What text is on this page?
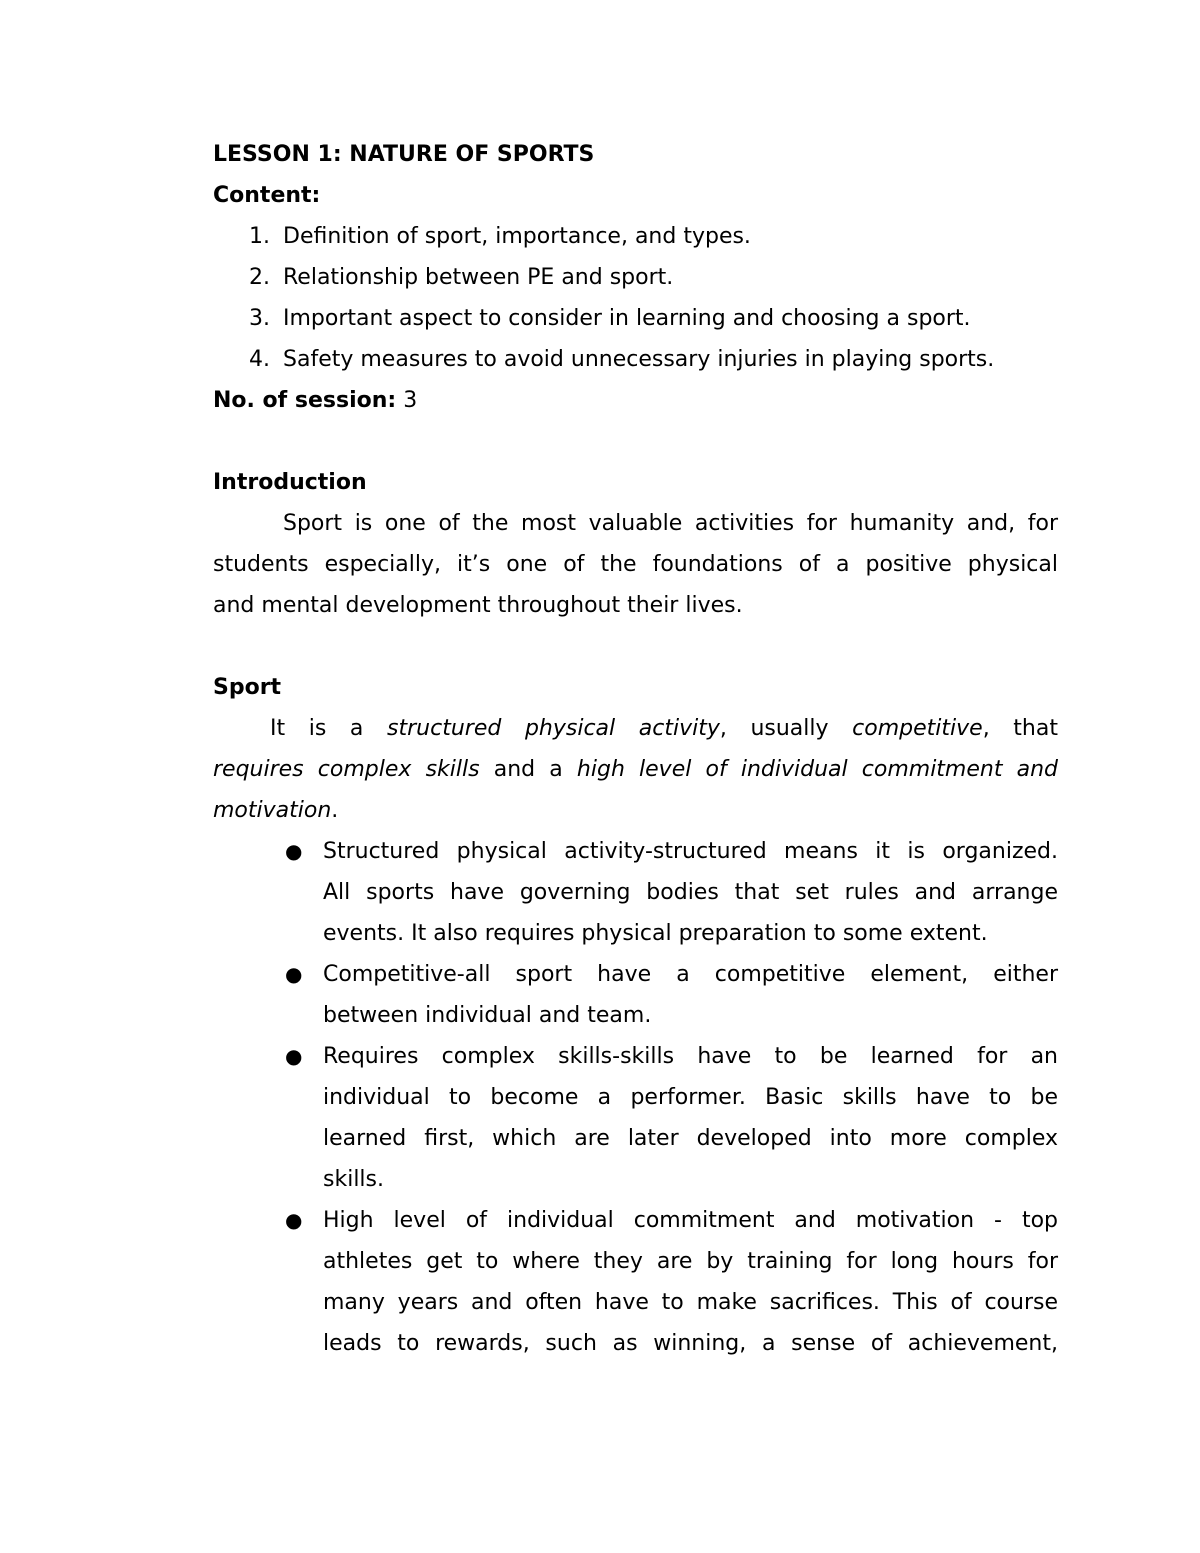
LESSON 1: NATURE OF SPORTS

Content:

1. Definition of sport, importance, and types.
2. Relationship between PE and sport.
3. Important aspect to consider in learning and choosing a sport.
4. Safety measures to avoid unnecessary injuries in playing sports.

No. of session: 3

Introduction

Sport is one of the most valuable activities for humanity and, for
students especially, it’s one of the foundations of a positive physical
and mental development throughout their lives.

Sport

It is a structured physical activity, usually competitive, that
requires complex skills and a high level of individual commitment and
motivation.
● Structured physical activity-structured means it is organized.
All sports have governing bodies that set rules and arrange
events. It also requires physical preparation to some extent.
● Competitive-all sport have a competitive element, either
between individual and team.
● Requires complex skills-skills have to be learned for an
individual to become a performer. Basic skills have to be
learned first, which are later developed into more complex
skills.
● High level of individual commitment and motivation - top
athletes get to where they are by training for long hours for
many years and often have to make sacrifices. This of course
leads to rewards, such as winning, a sense of achievement,
